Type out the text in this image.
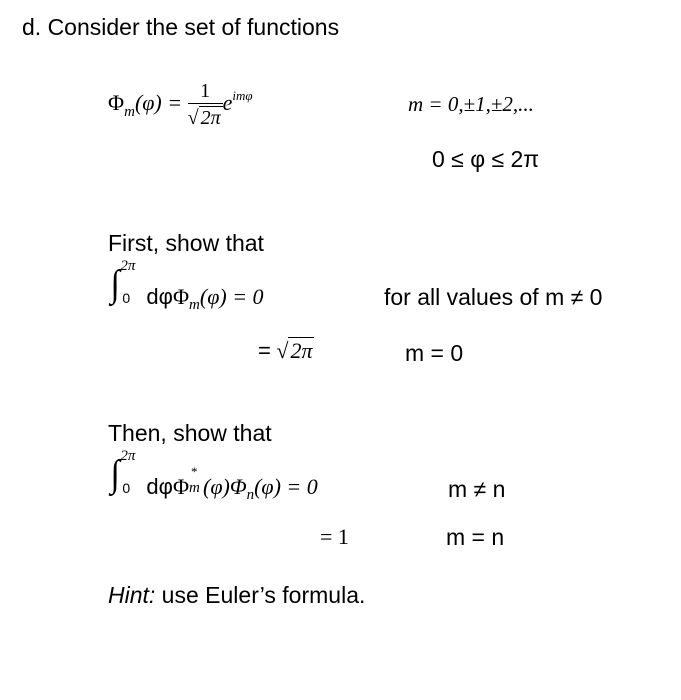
d. Consider the set of functions
$\Phi_m(\varphi) = \frac{1}{√ 2\pi} e^{im\varphi}$	m = 0,±1,±2,...
0 ≤ φ ≤ 2π
First, show that
∫ 2π
0 dφΦ$_m$(φ) = 0
= √2π
for all values of m ≠ 0
m = 0
Then, show that
∫ 2π
0 dφΦ
*
m $(\varphi)\Phi_n(\varphi) = 0$
= 1
m ≠ n
m = n
Hint: use Euler’s formula.
